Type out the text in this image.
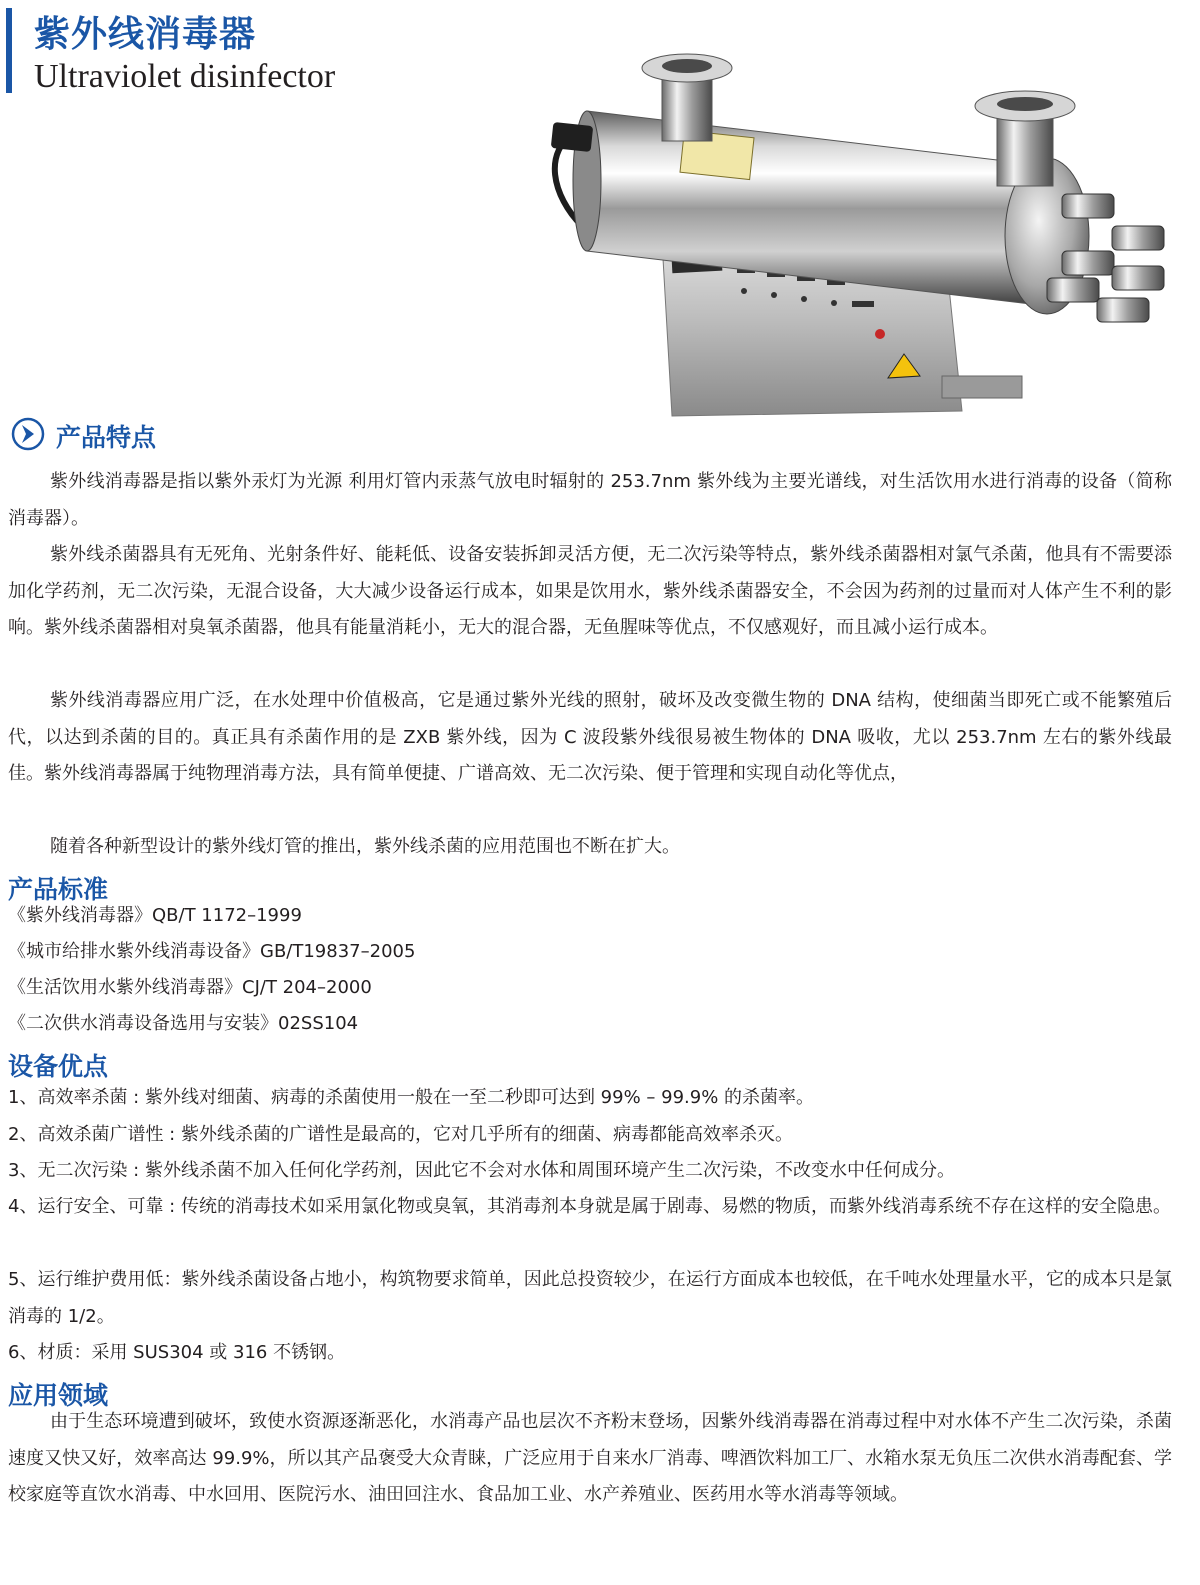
紫外线消毒器
Ultraviolet disinfector
产品特点

紫外线消毒器是指以紫外汞灯为光源 利用灯管内汞蒸气放电时辐射的 253.7nm 紫外线为主要光谱线，对生活饮用水进行消毒的设备（简称消毒器）。

紫外线杀菌器具有无死角、光射条件好、能耗低、设备安装拆卸灵活方便，无二次污染等特点，紫外线杀菌器相对氯气杀菌，他具有不需要添加化学药剂，无二次污染，无混合设备，大大减少设备运行成本，如果是饮用水，紫外线杀菌器安全，不会因为药剂的过量而对人体产生不利的影响。紫外线杀菌器相对臭氧杀菌器，他具有能量消耗小，无大的混合器，无鱼腥味等优点，不仅感观好，而且减小运行成本。

紫外线消毒器应用广泛，在水处理中价值极高，它是通过紫外光线的照射，破坏及改变微生物的 DNA 结构，使细菌当即死亡或不能繁殖后代，以达到杀菌的目的。真正具有杀菌作用的是 ZXB 紫外线，因为 C 波段紫外线很易被生物体的 DNA 吸收，尤以 253.7nm 左右的紫外线最佳。紫外线消毒器属于纯物理消毒方法，具有简单便捷、广谱高效、无二次污染、便于管理和实现自动化等优点，

随着各种新型设计的紫外线灯管的推出，紫外线杀菌的应用范围也不断在扩大。

产品标准

《紫外线消毒器》QB/T 1172–1999

《城市给排水紫外线消毒设备》GB/T19837–2005

《生活饮用水紫外线消毒器》CJ/T 204–2000

《二次供水消毒设备选用与安装》02SS104

设备优点

1、高效率杀菌 : 紫外线对细菌、病毒的杀菌使用一般在一至二秒即可达到 99% – 99.9% 的杀菌率。

2、高效杀菌广谱性 : 紫外线杀菌的广谱性是最高的，它对几乎所有的细菌、病毒都能高效率杀灭。

3、无二次污染 : 紫外线杀菌不加入任何化学药剂，因此它不会对水体和周围环境产生二次污染，不改变水中任何成分。

4、运行安全、可靠 : 传统的消毒技术如采用氯化物或臭氧，其消毒剂本身就是属于剧毒、易燃的物质，而紫外线消毒系统不存在这样的安全隐患。

5、运行维护费用低：紫外线杀菌设备占地小，构筑物要求简单，因此总投资较少，在运行方面成本也较低，在千吨水处理量水平，它的成本只是氯消毒的 1/2。

6、材质：采用 SUS304 或 316 不锈钢。

应用领域

由于生态环境遭到破坏，致使水资源逐渐恶化，水消毒产品也层次不齐粉末登场，因紫外线消毒器在消毒过程中对水体不产生二次污染，杀菌速度又快又好，效率高达 99.9%，所以其产品褒受大众青睐，广泛应用于自来水厂消毒、啤酒饮料加工厂、水箱水泵无负压二次供水消毒配套、学校家庭等直饮水消毒、中水回用、医院污水、油田回注水、食品加工业、水产养殖业、医药用水等水消毒等领域。
